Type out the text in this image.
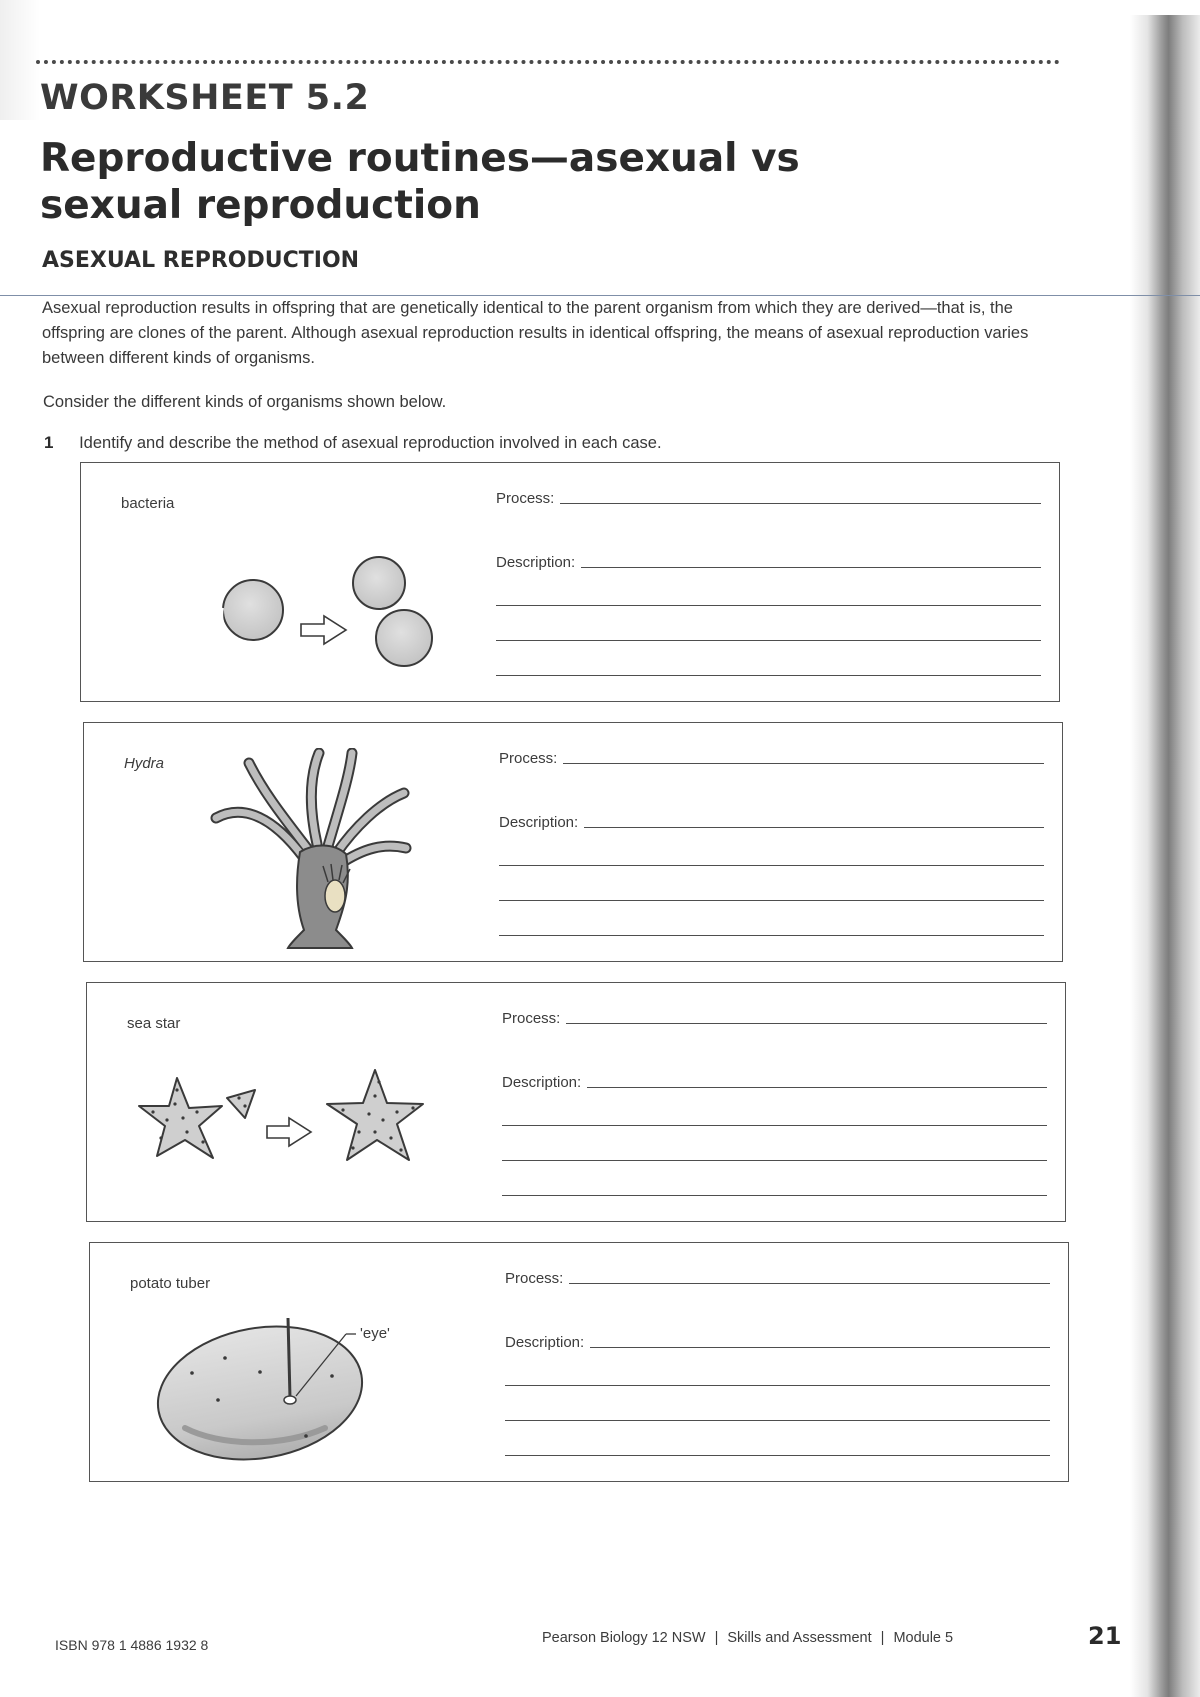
WORKSHEET 5.2
Reproductive routines—asexual vs sexual reproduction
ASEXUAL REPRODUCTION

Asexual reproduction results in offspring that are genetically identical to the parent organism from which they are derived—that is, the offspring are clones of the parent. Although asexual reproduction results in identical offspring, the means of asexual reproduction varies between different kinds of organisms.

Consider the different kinds of organisms shown below.

1 Identify and describe the method of asexual reproduction involved in each case.
bacteria	Process:
Description:
Hydra	Process:
Description:
sea star	Process:
Description:
potato tuber
'eye'
Process:
Description:
ISBN 978 1 4886 1932 8	Pearson Biology 12 NSW | Skills and Assessment | Module 5	21
